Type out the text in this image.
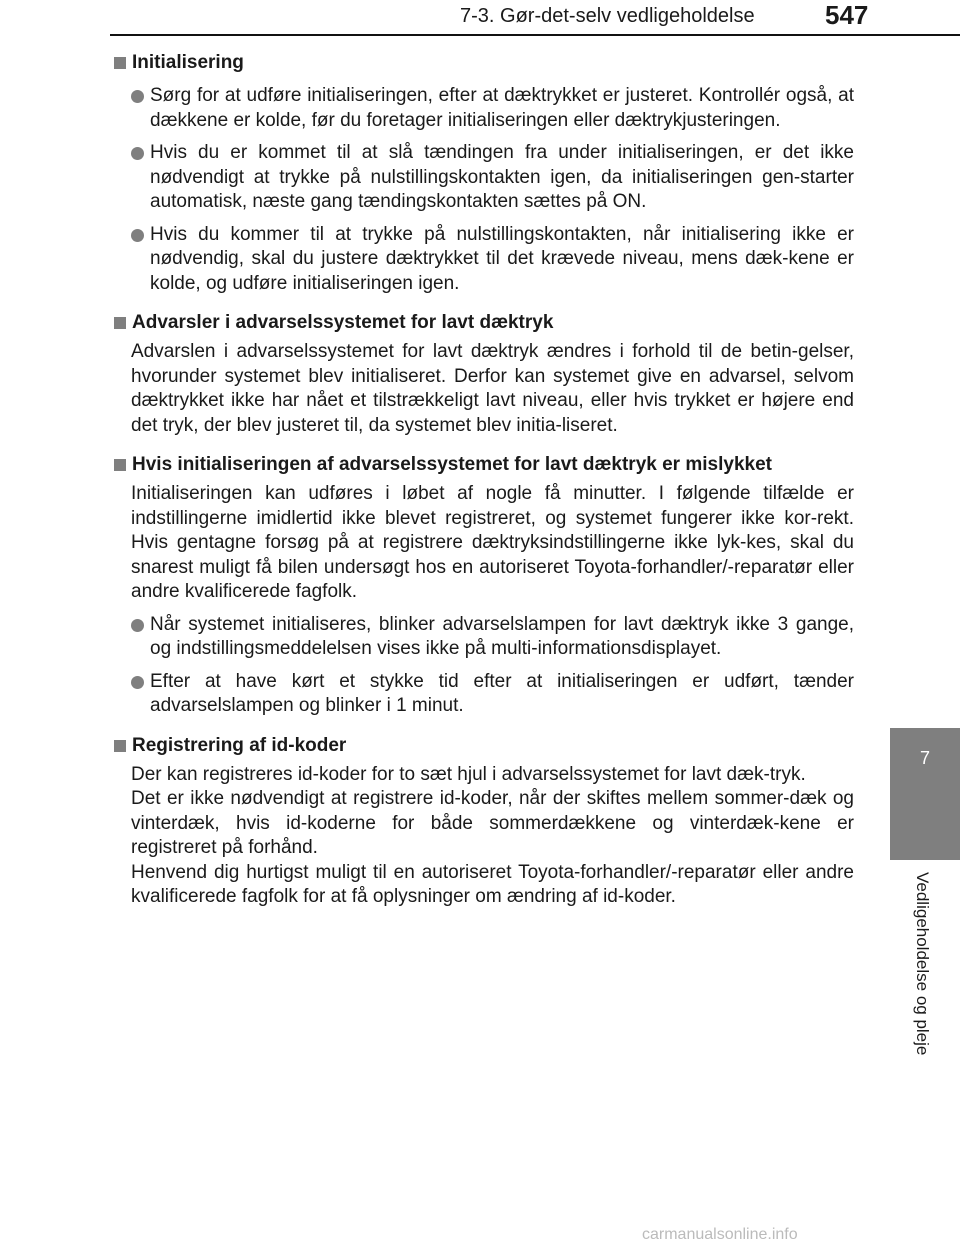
7-3. Gør-det-selv vedligeholdelse	547
7
Vedligeholdelse og pleje
Initialisering
Sørg for at udføre initialiseringen, efter at dæktrykket er justeret. Kontrollér også, at dækkene er kolde, før du foretager initialiseringen eller dæktrykjusteringen.
Hvis du er kommet til at slå tændingen fra under initialiseringen, er det ikke nødvendigt at trykke på nulstillingskontakten igen, da initialiseringen gen-starter automatisk, næste gang tændingskontakten sættes på ON.
Hvis du kommer til at trykke på nulstillingskontakten, når initialisering ikke er nødvendig, skal du justere dæktrykket til det krævede niveau, mens dæk-kene er kolde, og udføre initialiseringen igen.
Advarsler i advarselssystemet for lavt dæktryk
Advarslen i advarselssystemet for lavt dæktryk ændres i forhold til de betin-gelser, hvorunder systemet blev initialiseret. Derfor kan systemet give en advarsel, selvom dæktrykket ikke har nået et tilstrækkeligt lavt niveau, eller hvis trykket er højere end det tryk, der blev justeret til, da systemet blev initia-liseret.
Hvis initialiseringen af advarselssystemet for lavt dæktryk er mislykket
Initialiseringen kan udføres i løbet af nogle få minutter. I følgende tilfælde er indstillingerne imidlertid ikke blevet registreret, og systemet fungerer ikke kor-rekt. Hvis gentagne forsøg på at registrere dæktryksindstillingerne ikke lyk-kes, skal du snarest muligt få bilen undersøgt hos en autoriseret Toyota-forhandler/-reparatør eller andre kvalificerede fagfolk.
Når systemet initialiseres, blinker advarselslampen for lavt dæktryk ikke 3 gange, og indstillingsmeddelelsen vises ikke på multi-informationsdisplayet.
Efter at have kørt et stykke tid efter at initialiseringen er udført, tænder advarselslampen og blinker i 1 minut.
Registrering af id-koder
Der kan registreres id-koder for to sæt hjul i advarselssystemet for lavt dæk-tryk.
Det er ikke nødvendigt at registrere id-koder, når der skiftes mellem sommer-dæk og vinterdæk, hvis id-koderne for både sommerdækkene og vinterdæk-kene er registreret på forhånd.
Henvend dig hurtigst muligt til en autoriseret Toyota-forhandler/-reparatør eller andre kvalificerede fagfolk for at få oplysninger om ændring af id-koder.
carmanualsonline.info
